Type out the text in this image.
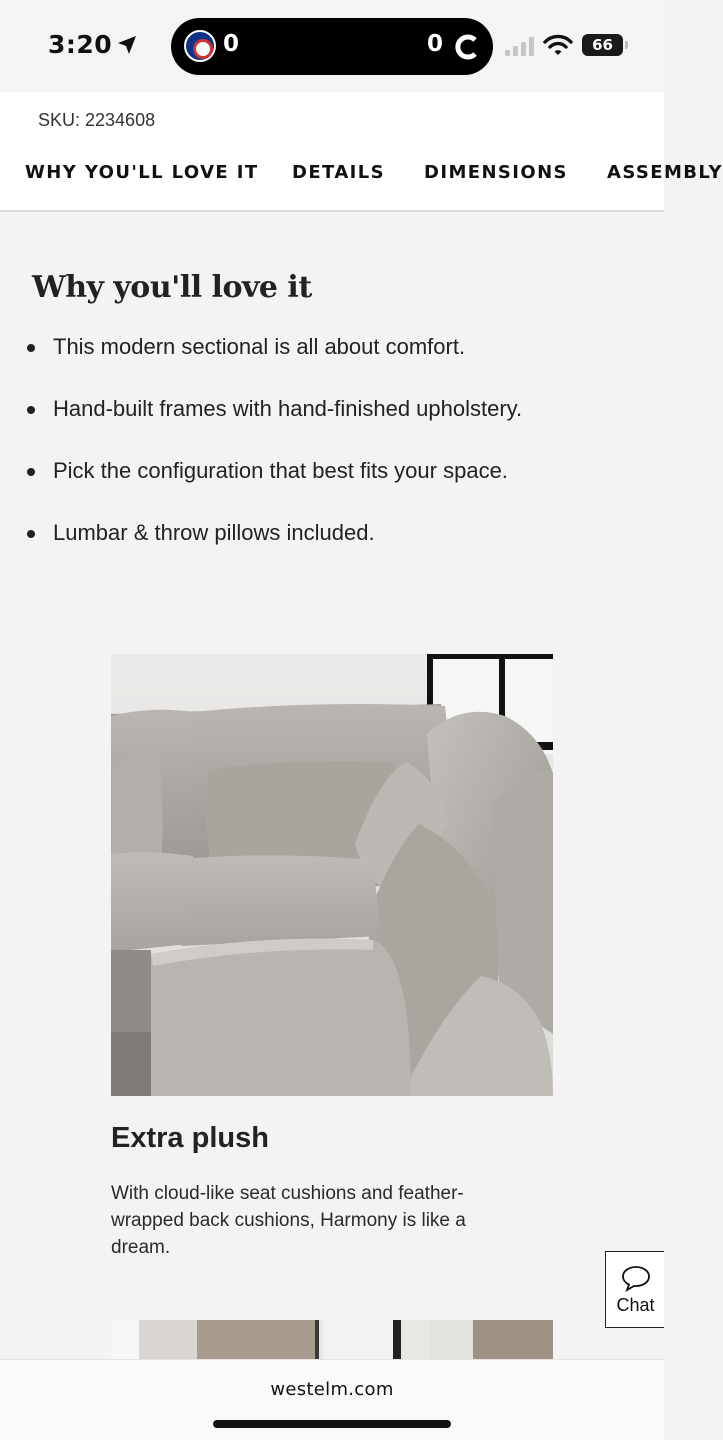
3:20	0	0	66
SKU: 2234608
WHY YOU'LL LOVE IT DETAILS DIMENSIONS ASSEMBLY
Why you'll love it
This modern sectional is all about comfort.
Hand-built frames with hand-finished upholstery.
Pick the configuration that best fits your space.
Lumbar & throw pillows included.
Extra plush

With cloud-like seat cushions and feather-wrapped back cushions, Harmony is like a dream.

Chat
westelm.com
